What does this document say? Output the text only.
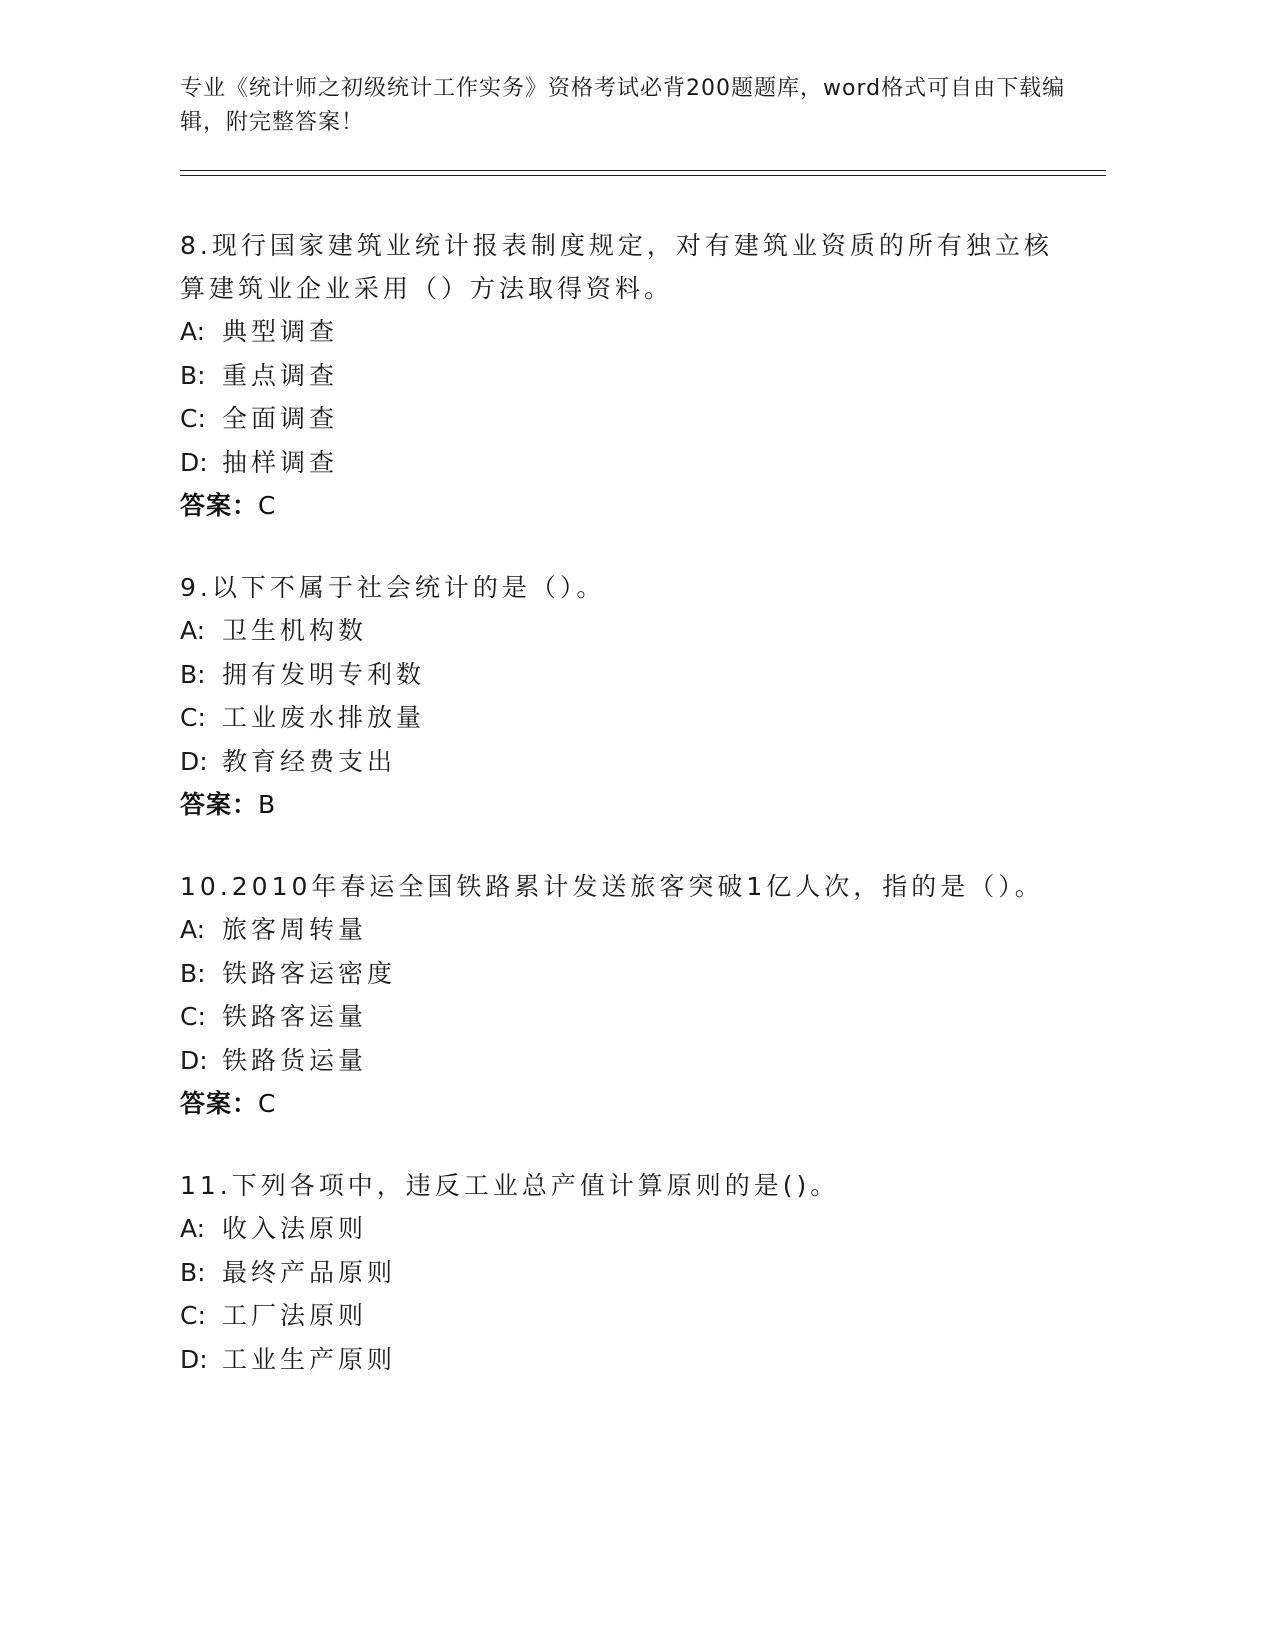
专业《统计师之初级统计工作实务》资格考试必背200题题库，word格式可自由下载编辑，附完整答案！
8.现行国家建筑业统计报表制度规定，对有建筑业资质的所有独立核算建筑业企业采用（）方法取得资料。
A: 典型调查
B: 重点调查
C: 全面调查
D: 抽样调查
答案：C
9.以下不属于社会统计的是（）。
A: 卫生机构数
B: 拥有发明专利数
C: 工业废水排放量
D: 教育经费支出
答案：B
10.2010年春运全国铁路累计发送旅客突破1亿人次，指的是（）。
A: 旅客周转量
B: 铁路客运密度
C: 铁路客运量
D: 铁路货运量
答案：C
11.下列各项中，违反工业总产值计算原则的是()。
A: 收入法原则
B: 最终产品原则
C: 工厂法原则
D: 工业生产原则
